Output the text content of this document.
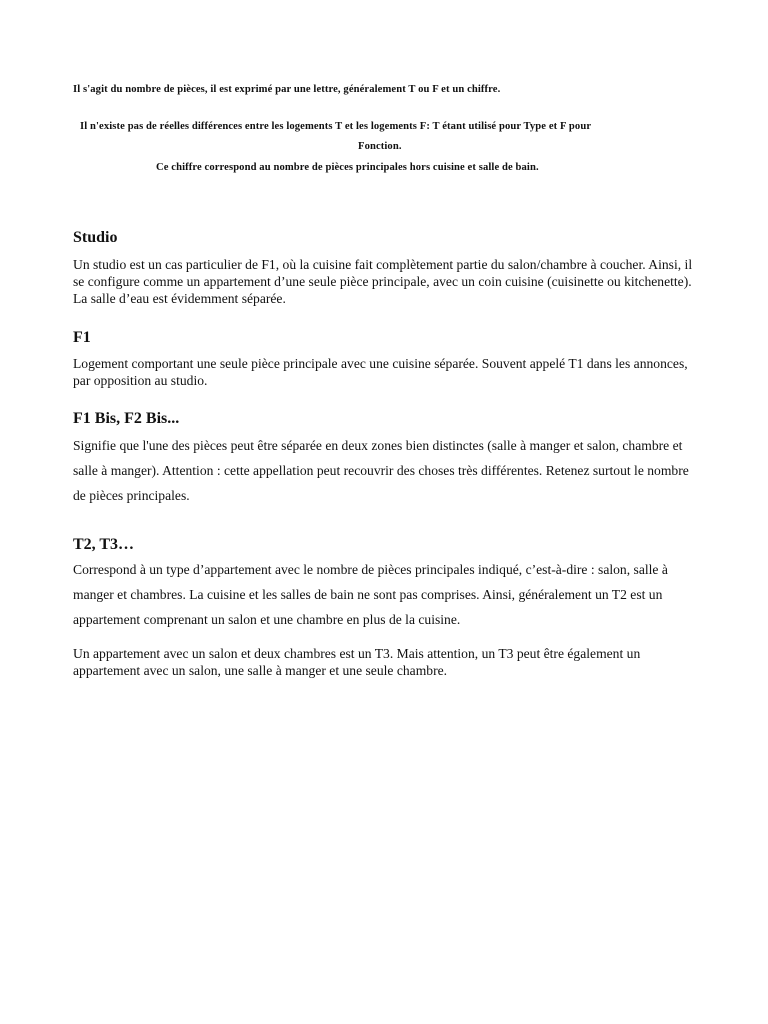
Il s'agit du nombre de pièces, il est exprimé par une lettre, généralement T ou F et un chiffre.
Il n'existe pas de réelles différences entre les logements T et les logements F: T étant utilisé pour Type et F pour
Fonction.
Ce chiffre correspond au nombre de pièces principales hors cuisine et salle de bain.
Studio
Un studio est un cas particulier de F1, où la cuisine fait complètement partie du salon/chambre à coucher. Ainsi, il se configure comme un appartement d’une seule pièce principale, avec un coin cuisine (cuisinette ou kitchenette). La salle d’eau est évidemment séparée.
F1
Logement comportant une seule pièce principale avec une cuisine séparée. Souvent appelé T1 dans les annonces, par opposition au studio.
F1 Bis, F2 Bis...
Signifie que l'une des pièces peut être séparée en deux zones bien distinctes (salle à manger et salon, chambre et salle à manger). Attention : cette appellation peut recouvrir des choses très différentes. Retenez surtout le nombre de pièces principales.
T2, T3…
Correspond à un type d’appartement avec le nombre de pièces principales indiqué, c’est-à-dire : salon, salle à manger et chambres. La cuisine et les salles de bain ne sont pas comprises. Ainsi, généralement un T2 est un appartement comprenant un salon et une chambre en plus de la cuisine.
Un appartement avec un salon et deux chambres est un T3. Mais attention, un T3 peut être également un appartement avec un salon, une salle à manger et une seule chambre.
